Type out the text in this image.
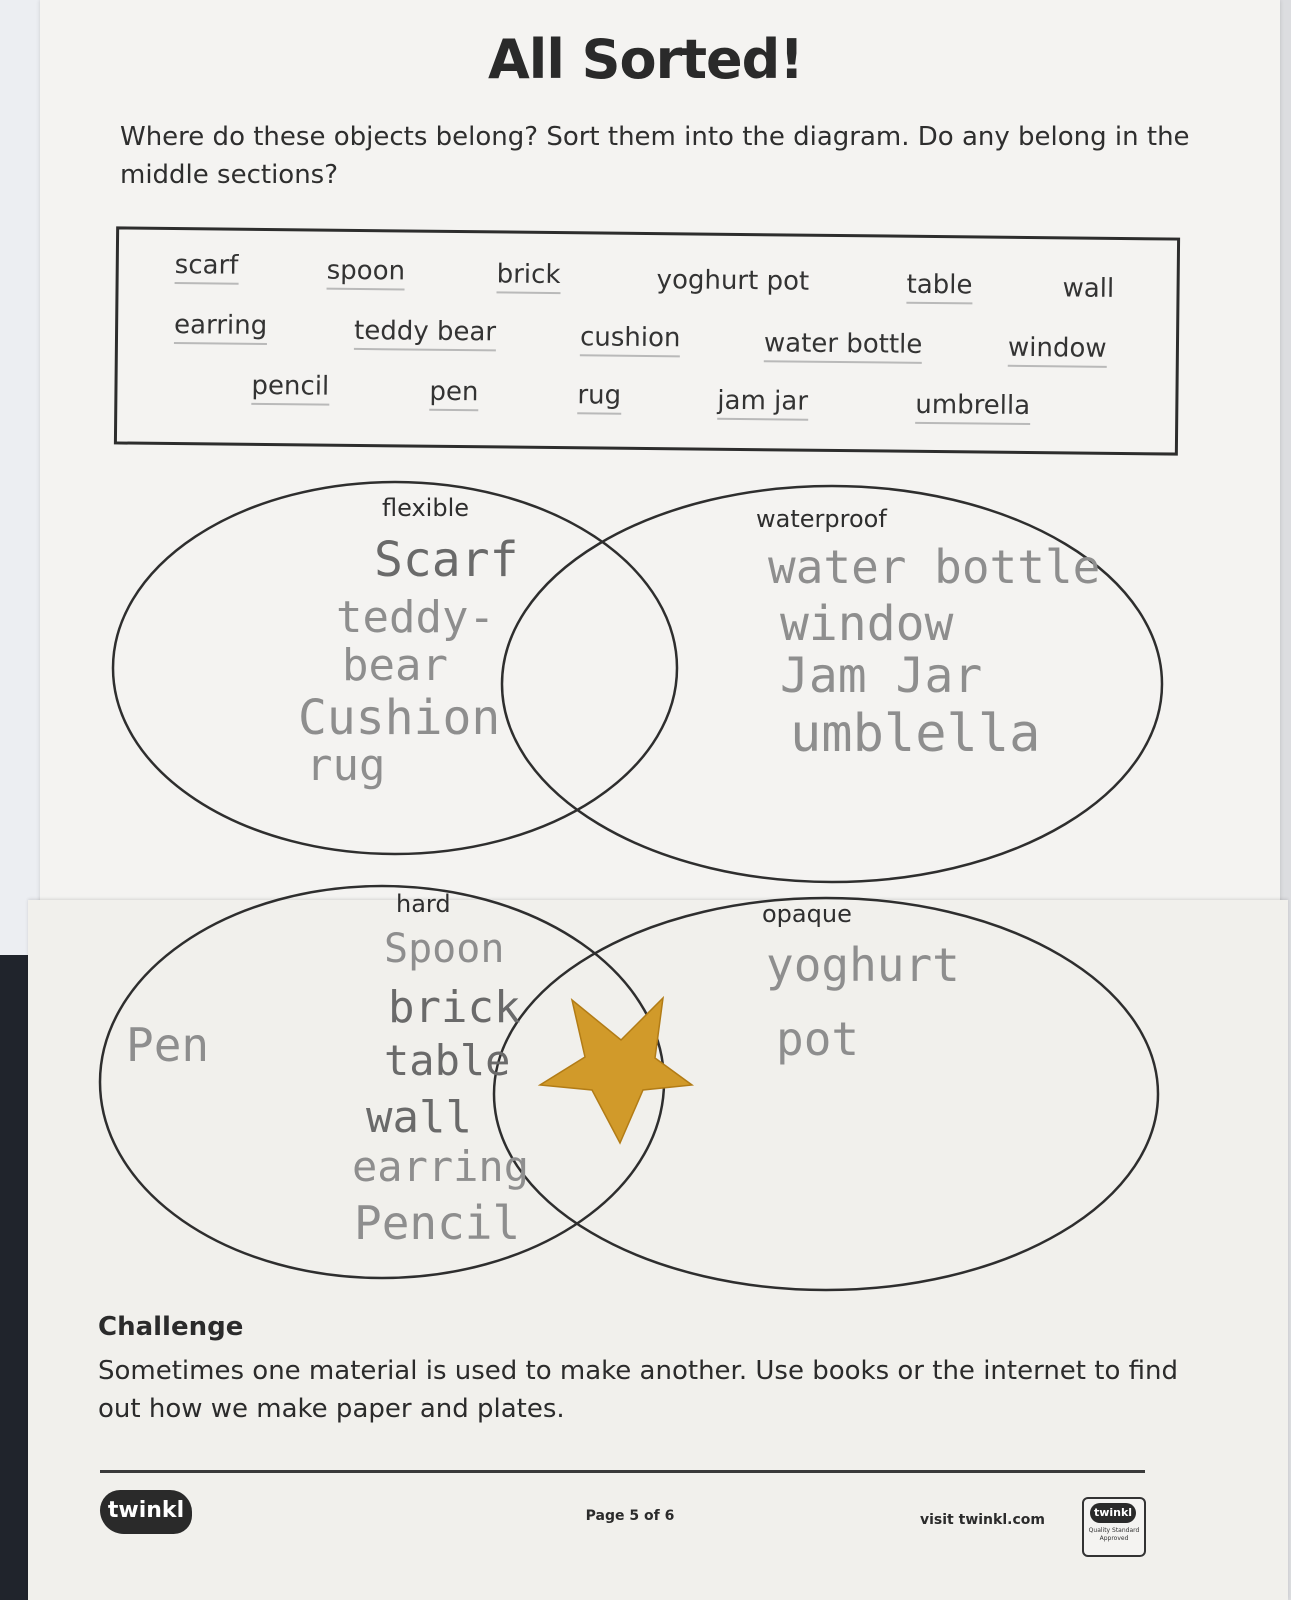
All Sorted!
Where do these objects belong? Sort them into the diagram. Do any belong in the middle sections?
scarf	spoon	brick	yoghurt pot	table	wall
earring	teddy bear	cushion	water bottle	window
pencil	pen	rug	jam jar	umbrella
flexible	waterproof
hard	opaque
Scarf
teddy-
bear
Cushion
rug
water bottle
window
Jam Jar
umblella
Pen
Spoon
brick
table
wall
earring
Pencil
yoghurt
pot
Challenge
Sometimes one material is used to make another. Use books or the internet to find out how we make paper and plates.
twinkl	Page 5 of 6	visit twinkl.com	twinkl
Quality Standard Approved
